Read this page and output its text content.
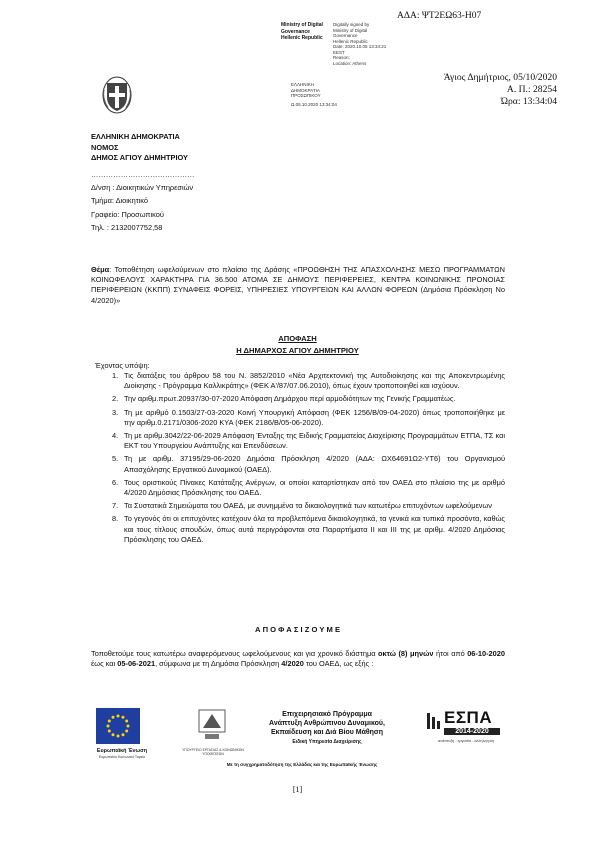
ΑΔΑ: ΨΤ2ΕΩ63-Η07
Ministry of Digital
Governance
Hellenic Republic
Digitally signed by
Ministry of Digital
Governance
Hellenic Republic
Date: 2020.10.05 13:34:21
EEST
Reason:
Location: Athens
ΕΛΛΗΝΙΚΗ
ΔΗΜΟΚΡΑΤΙΑ
ΠΡΟΣΩΠΙΚΟΥ
Ω.05.10.2020 13:34:04
Άγιος Δημήτριος, 05/10/2020
Α. Π.: 28254
Ώρα: 13:34:04
ΕΛΛΗΝΙΚΗ ΔΗΜΟΚΡΑΤΙΑ
ΝΟΜΟΣ
ΔΗΜΟΣ ΑΓΙΟΥ ΔΗΜΗΤΡΙΟΥ
……………………………………
Δ/νση : Διοικητικών Υπηρεσιών
Τμήμα: Διοικητικό
Γραφείο: Προσωπικού
Τηλ. : 2132007752,58
Θέμα: Τοποθέτηση ωφελούμενων στο πλαίσιο της Δράσης «ΠΡΟΩΘΗΣΗ ΤΗΣ ΑΠΑΣΧΟΛΗΣΗΣ ΜΕΣΩ ΠΡΟΓΡΑΜΜΑΤΩΝ ΚΟΙΝΩΦΕΛΟΥΣ ΧΑΡΑΚΤΗΡΑ ΓΙΑ 36.500 ΑΤΟΜΑ ΣΕ ΔΗΜΟΥΣ ΠΕΡΙΦΕΡΕΙΕΣ, ΚΕΝΤΡΑ ΚΟΙΝΩΝΙΚΗΣ ΠΡΟΝΟΙΑΣ ΠΕΡΙΦΕΡΕΙΩΝ (ΚΚΠΠ) ΣΥΝΑΦΕΙΣ ΦΟΡΕΙΣ, ΥΠΗΡΕΣΙΕΣ ΥΠΟΥΡΓΕΙΩΝ ΚΑΙ ΑΛΛΩΝ ΦΟΡΕΩΝ (Δημόσια Πρόσκληση Νο 4/2020)»
ΑΠΟΦΑΣΗ
Η ΔΗΜΑΡΧΟΣ ΑΓΙΟΥ ΔΗΜΗΤΡΙΟΥ
Έχοντας υπόψη:
1. Τις διατάξεις του άρθρου 58 του Ν. 3852/2010 «Νέα Αρχιτεκτονική της Αυτοδιοίκησης και της Αποκεντρωμένης Διοίκησης - Πρόγραμμα Καλλικράτης» (ΦΕΚ Α'/87/07.06.2010), όπως έχουν τροποποιηθεί και ισχύουν.
2. Την αριθμ.πρωτ.20937/30-07-2020 Απόφαση Δημάρχου περί αρμοδιότητων της Γενικής Γραμματέως.
3. Τη με αριθμό 0.1503/27-03-2020 Κοινή Υπουργική Απόφαση (ΦΕΚ 1256/Β/09-04-2020) όπως τροποποιήθηκε με την αριθμ.0.2171/0306-2020 ΚΥΑ (ΦΕΚ 2186/Β/05-06-2020).
4. Τη με αριθμ.3042/22-06-2029 Απόφαση Ένταξης της Ειδικής Γραμματείας Διαχείρισης Προγραμμάτων ΕΤΠΑ, ΤΣ και ΕΚΤ του Υπουργείου Ανάπτυξης και Επενδύσεων.
5. Τη με αριθμ. 37195/29-06-2020 Δημόσια Πρόσκληση 4/2020 (ΑΔΑ: ΩΧ64691Ω2-ΥΤ6) του Οργανισμού Απασχόλησης Εργατικού Δυναμικού (ΟΑΕΔ).
6. Τους οριστικούς Πίνακες Κατάταξης Ανέργων, οι οποίοι καταρτίστηκαν από τον ΟΑΕΔ στο πλαίσιο της με αριθμό 4/2020 Δημόσιας Πρόσκλησης του ΟΑΕΔ.
7. Τα Συστατικά Σημειώματα του ΟΑΕΔ, με συνημμένα τα δικαιολογητικά των κατωτέρω επιτυχόντων ωφελούμενων
8. Το γεγονός ότι οι επιτυχόντες κατέχουν όλα τα προβλεπόμενα δικαιολογητικά, τα γενικά και τυπικά προσόντα, καθώς και τους τίτλους σπουδών, όπως αυτά περιγράφονται στα Παραρτήματα ΙΙ και ΙΙΙ της με αριθμ. 4/2020 Δημόσιας Πρόσκλησης του ΟΑΕΔ.
Α Π Ο Φ Α Σ Ι Ζ Ο Υ Μ Ε
Τοποθετούμε τους κατωτέρω αναφερόμενους ωφελούμενους και για χρονικό διάστημα οκτώ (8) μηνών ήτοι από 06-10-2020 έως και 05-06-2021, σύμφωνα με τη Δημόσια Πρόσκληση 4/2020 του ΟΑΕΔ, ως εξής :
Ευρωπαϊκή Ένωση
Ευρωπαϊκό Κοινωνικό Ταμείο
ΥΠΟΥΡΓΕΙΟ ΕΡΓΑΣΙΑΣ & ΚΟΙΝΩΝΙΚΩΝ ΥΠΟΘΕΣΕΩΝ
Επιχειρησιακό Πρόγραμμα
Ανάπτυξη Ανθρώπινου Δυναμικού,
Εκπαίδευση και Διά Βίου Μάθηση
Ειδική Υπηρεσία Διαχείρισης
ΕΣΠΑ
2014-2020
ανάπτυξη - εργασία - αλληλεγγύη
Με τη συγχρηματοδότηση της Ελλάδας και της Ευρωπαϊκής Ένωσης
[1]
